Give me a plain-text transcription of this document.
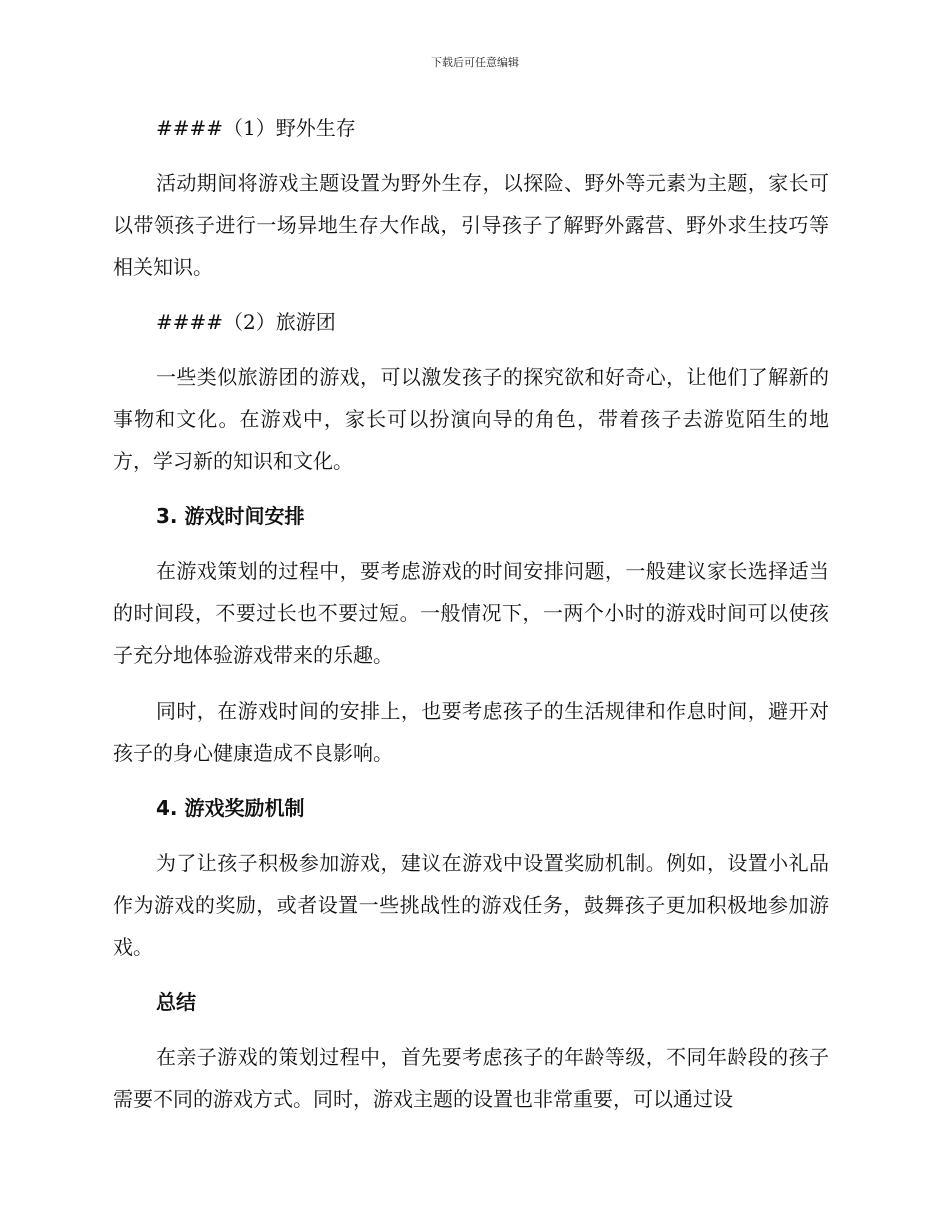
下载后可任意编辑

####（1）野外生存

活动期间将游戏主题设置为野外生存，以探险、野外等元素为主题，家长可以带领孩子进行一场异地生存大作战，引导孩子了解野外露营、野外求生技巧等相关知识。

####（2）旅游团

一些类似旅游团的游戏，可以激发孩子的探究欲和好奇心，让他们了解新的事物和文化。在游戏中，家长可以扮演向导的角色，带着孩子去游览陌生的地方，学习新的知识和文化。

3. 游戏时间安排

在游戏策划的过程中，要考虑游戏的时间安排问题，一般建议家长选择适当的时间段，不要过长也不要过短。一般情况下，一两个小时的游戏时间可以使孩子充分地体验游戏带来的乐趣。

同时，在游戏时间的安排上，也要考虑孩子的生活规律和作息时间，避开对孩子的身心健康造成不良影响。

4. 游戏奖励机制

为了让孩子积极参加游戏，建议在游戏中设置奖励机制。例如，设置小礼品作为游戏的奖励，或者设置一些挑战性的游戏任务，鼓舞孩子更加积极地参加游戏。

总结

在亲子游戏的策划过程中，首先要考虑孩子的年龄等级，不同年龄段的孩子需要不同的游戏方式。同时，游戏主题的设置也非常重要，可以通过设
